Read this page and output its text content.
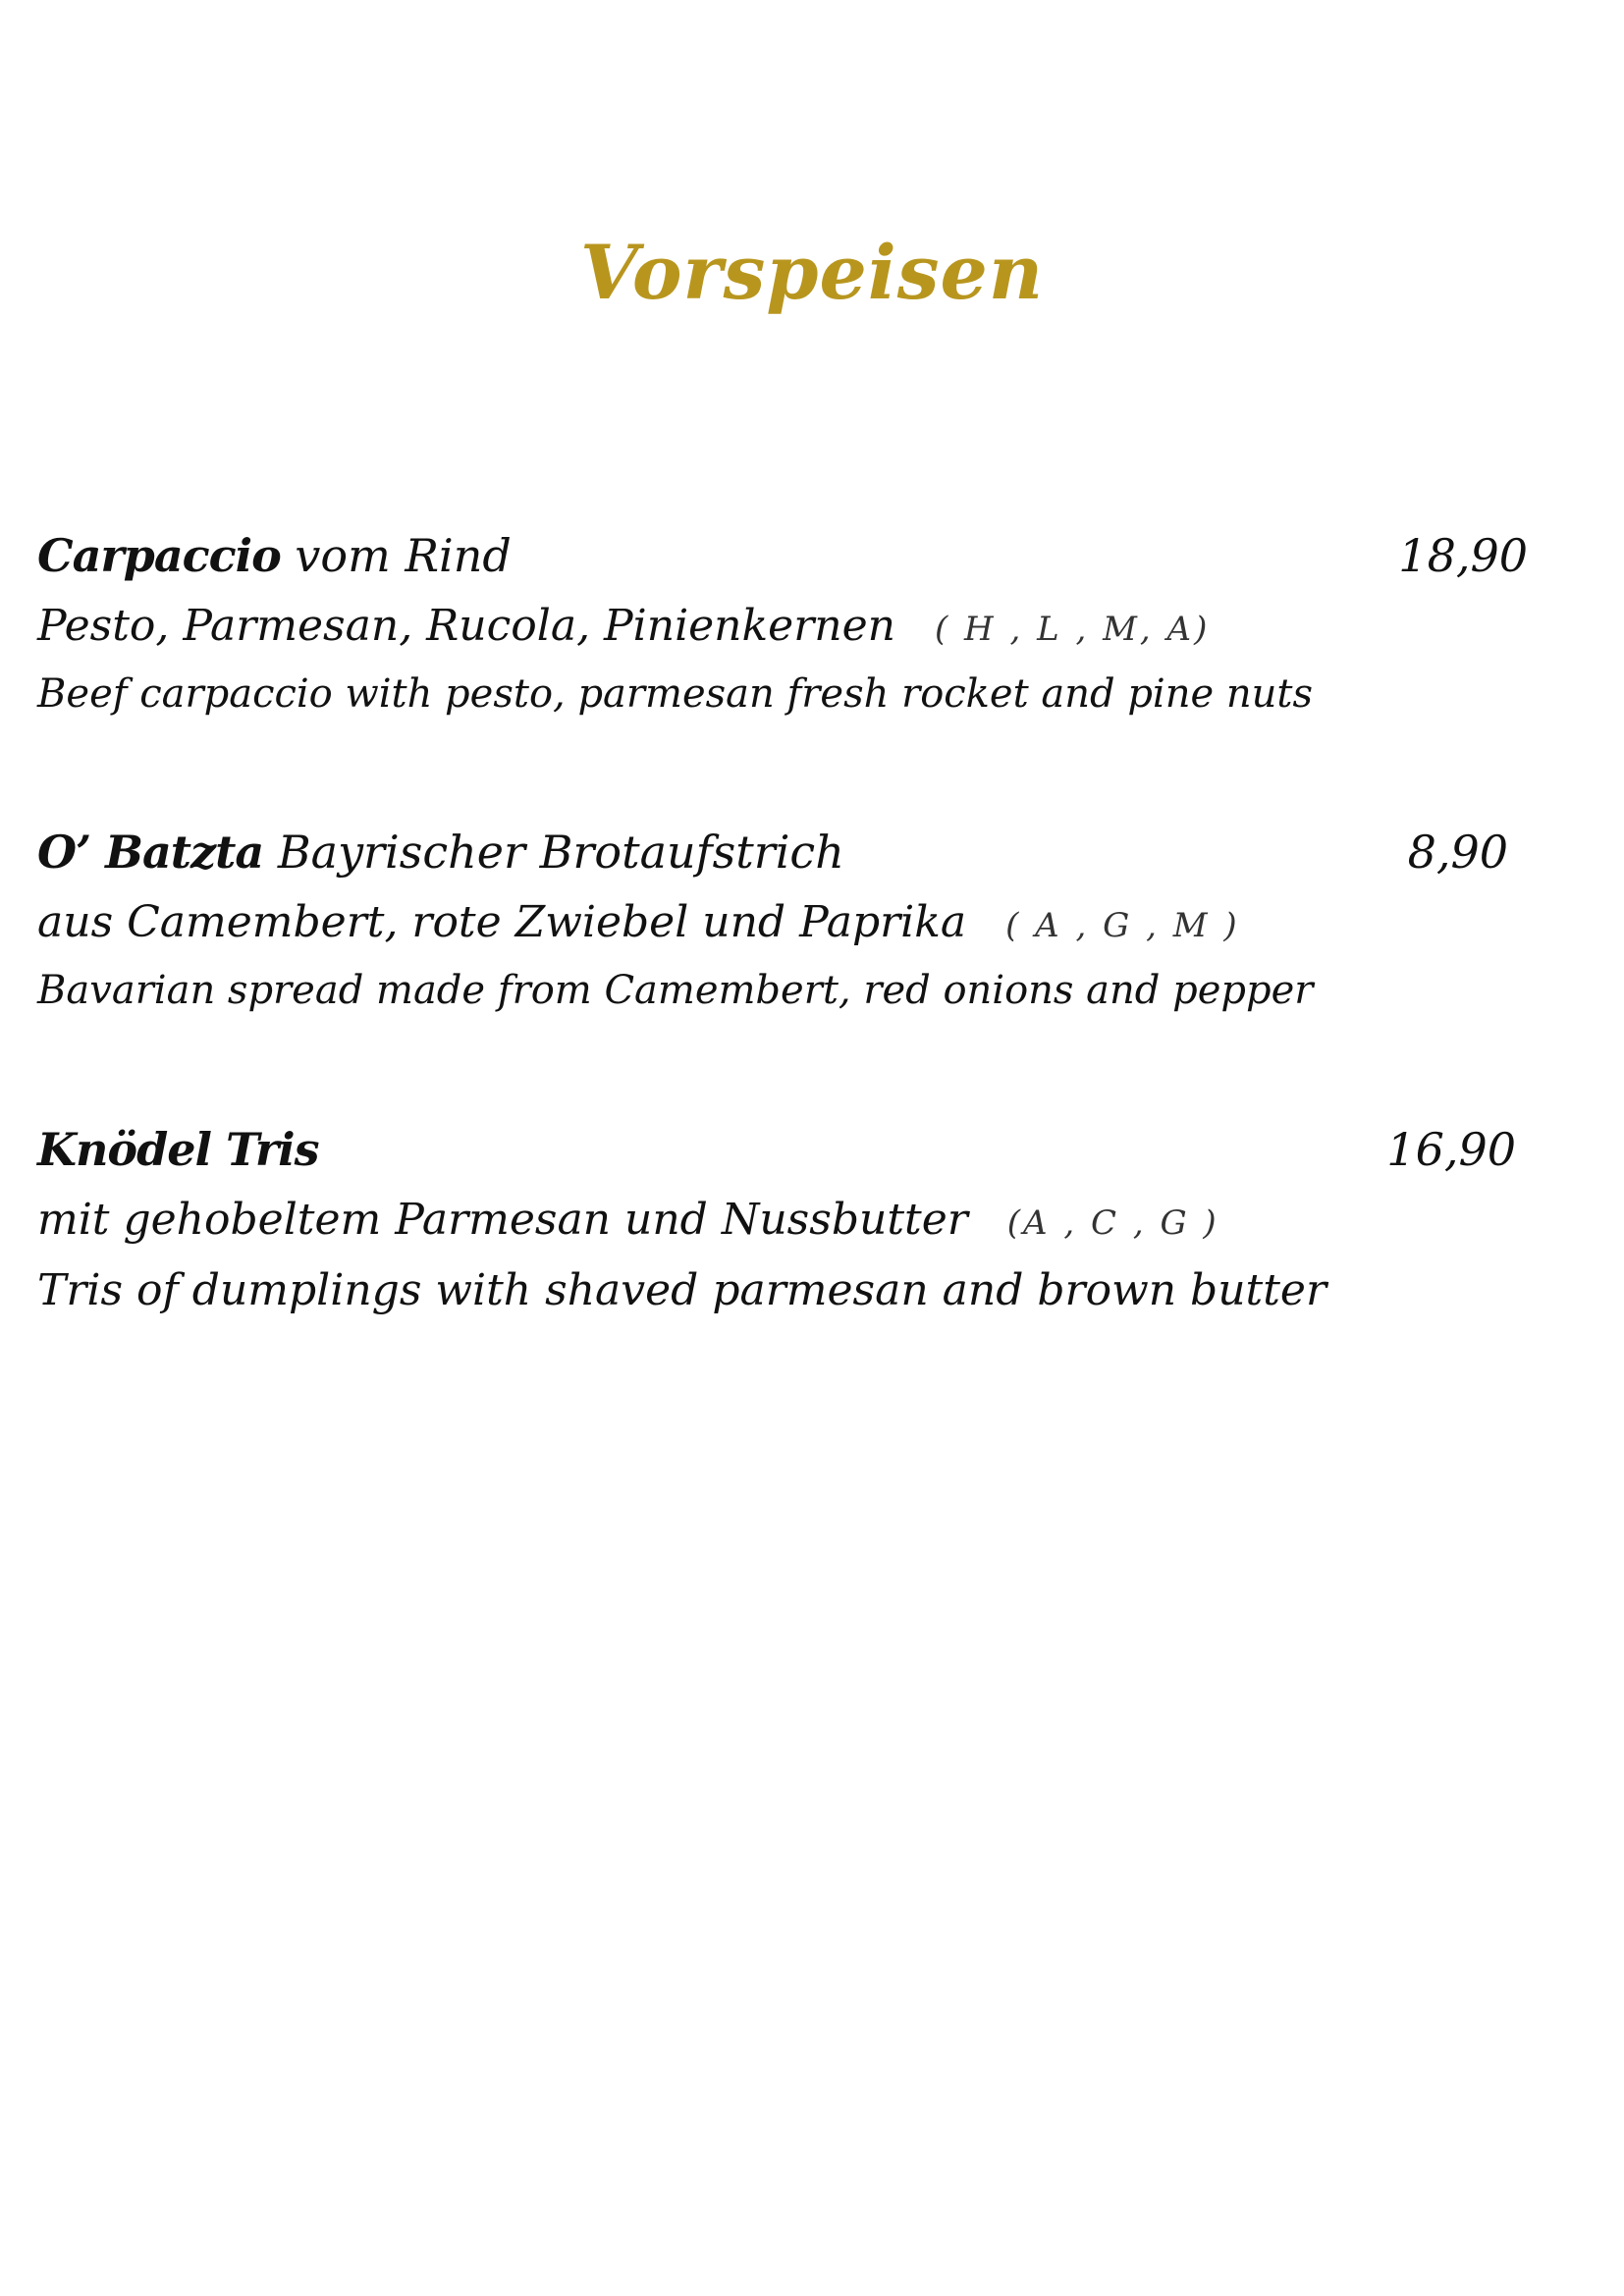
Vorspeisen
Carpaccio vom Rind	18,90
Pesto, Parmesan, Rucola, Pinienkernen ( H , L , M, A)
Beef carpaccio with pesto, parmesan fresh rocket and pine nuts
O’ Batzta Bayrischer Brotaufstrich	8,90
aus Camembert, rote Zwiebel und Paprika ( A , G , M )
Bavarian spread made from Camembert, red onions and pepper
Knödel Tris	16,90
mit gehobeltem Parmesan und Nussbutter (A , C , G )
Tris of dumplings with shaved parmesan and brown butter
